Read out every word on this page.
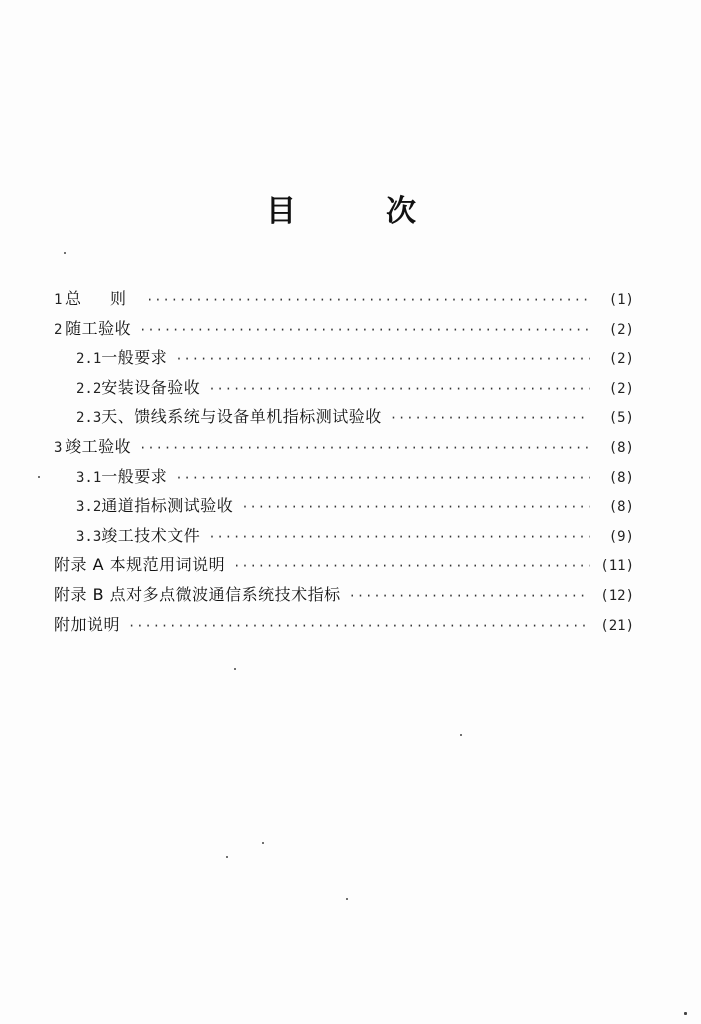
目	次
1 总 则 ·····	(1)
2 随工验收 ·····	(2)
2.1 一般要求 ·····	(2)
2.2 安装设备验收 ·····	(2)
2.3 天、馈线系统与设备单机指标测试验收 ·····	(5)
3 竣工验收 ·····	(8)
3.1 一般要求 ·····	(8)
3.2 通道指标测试验收 ·····	(8)
3.3 竣工技术文件 ·····	(9)
附录 A 本规范用词说明 ·····	(11)
附录 B 点对多点微波通信系统技术指标 ·····	(12)
附加说明 ·····	(21)
